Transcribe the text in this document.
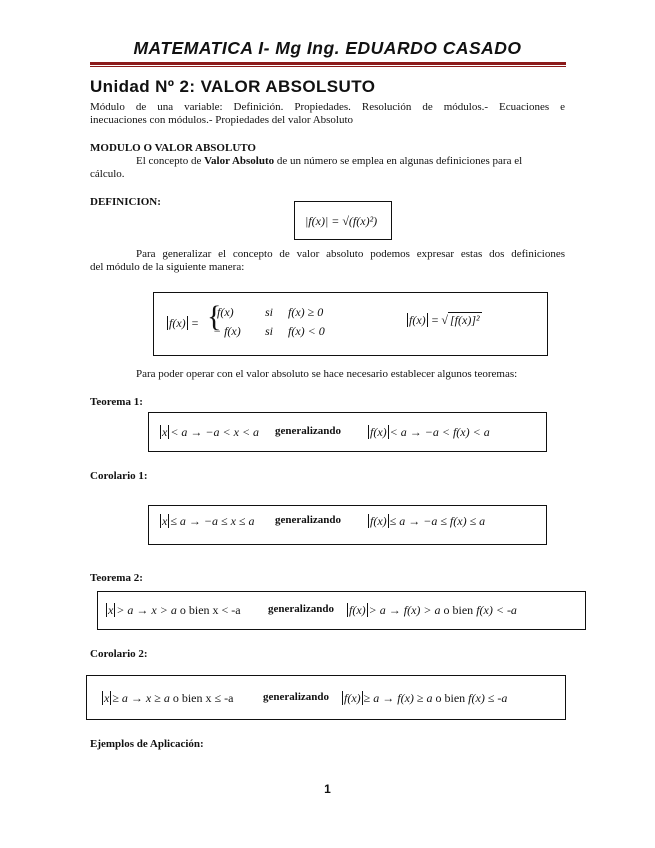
MATEMATICA I- Mg Ing. EDUARDO CASADO
Unidad Nº 2: VALOR ABSOLSUTO
Módulo de una variable: Definición. Propiedades. Resolución de módulos.- Ecuaciones e
inecuaciones con módulos.- Propiedades del valor Absoluto
MODULO O VALOR ABSOLUTO
El concepto de Valor Absoluto de un número se emplea en algunas definiciones para el
cálculo.
DEFINICION:
|f(x)| = √(f(x)²)
Para generalizar el concepto de valor absoluto podemos expresar estas dos definiciones
del módulo de la siguiente manera:
f(x) = {
f(x)	si f(x) ≥ 0
− f(x) si f(x) < 0
f(x) = √ [f(x)]²
Para poder operar con el valor absoluto se hace necesario establecer algunos teoremas:
Teorema 1:
x < a → −a < x < a generalizando f(x) < a → −a < f(x) < a
Corolario 1:
x ≤ a → −a ≤ x ≤ a generalizando f(x) ≤ a → −a ≤ f(x) ≤ a
Teorema 2:
x > a → x > a o bien x < -a generalizando f(x) > a → f(x) > a o bien f(x) < -a
Corolario 2:
x ≥ a → x ≥ a o bien x ≤ -a	generalizando f(x) ≥ a → f(x) ≥ a o bien f(x) ≤ -a
Ejemplos de Aplicación:
1
